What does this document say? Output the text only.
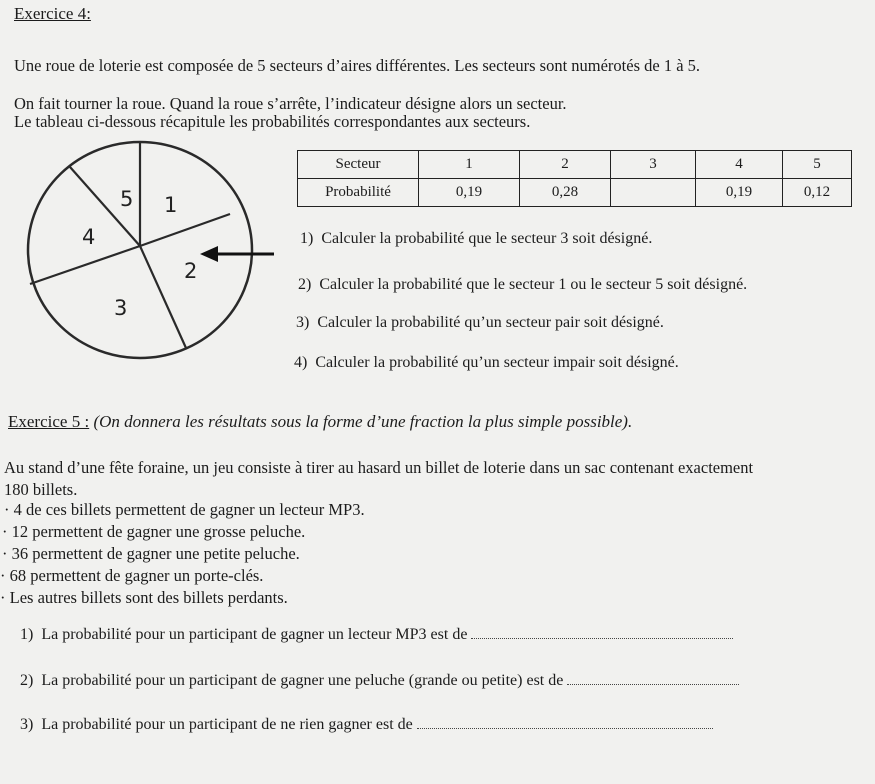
Exercice 4:
Une roue de loterie est composée de 5 secteurs d’aires différentes. Les secteurs sont numérotés de 1 à 5.
On fait tourner la roue. Quand la roue s’arrête, l’indicateur désigne alors un secteur.
Le tableau ci-dessous récapitule les probabilités correspondantes aux secteurs.
1
2
3
4
5
Secteur	1	2	3	4	5
Probabilité	0,19	0,28		0,19	0,12
1) Calculer la probabilité que le secteur 3 soit désigné.
2) Calculer la probabilité que le secteur 1 ou le secteur 5 soit désigné.
3) Calculer la probabilité qu’un secteur pair soit désigné.
4) Calculer la probabilité qu’un secteur impair soit désigné.
Exercice 5 : (On donnera les résultats sous la forme d’une fraction la plus simple possible).
Au stand d’une fête foraine, un jeu consiste à tirer au hasard un billet de loterie dans un sac contenant exactement
180 billets.
· 4 de ces billets permettent de gagner un lecteur MP3.
· 12 permettent de gagner une grosse peluche.
· 36 permettent de gagner une petite peluche.
· 68 permettent de gagner un porte-clés.
· Les autres billets sont des billets perdants.
1) La probabilité pour un participant de gagner un lecteur MP3 est de
2) La probabilité pour un participant de gagner une peluche (grande ou petite) est de
3) La probabilité pour un participant de ne rien gagner est de
